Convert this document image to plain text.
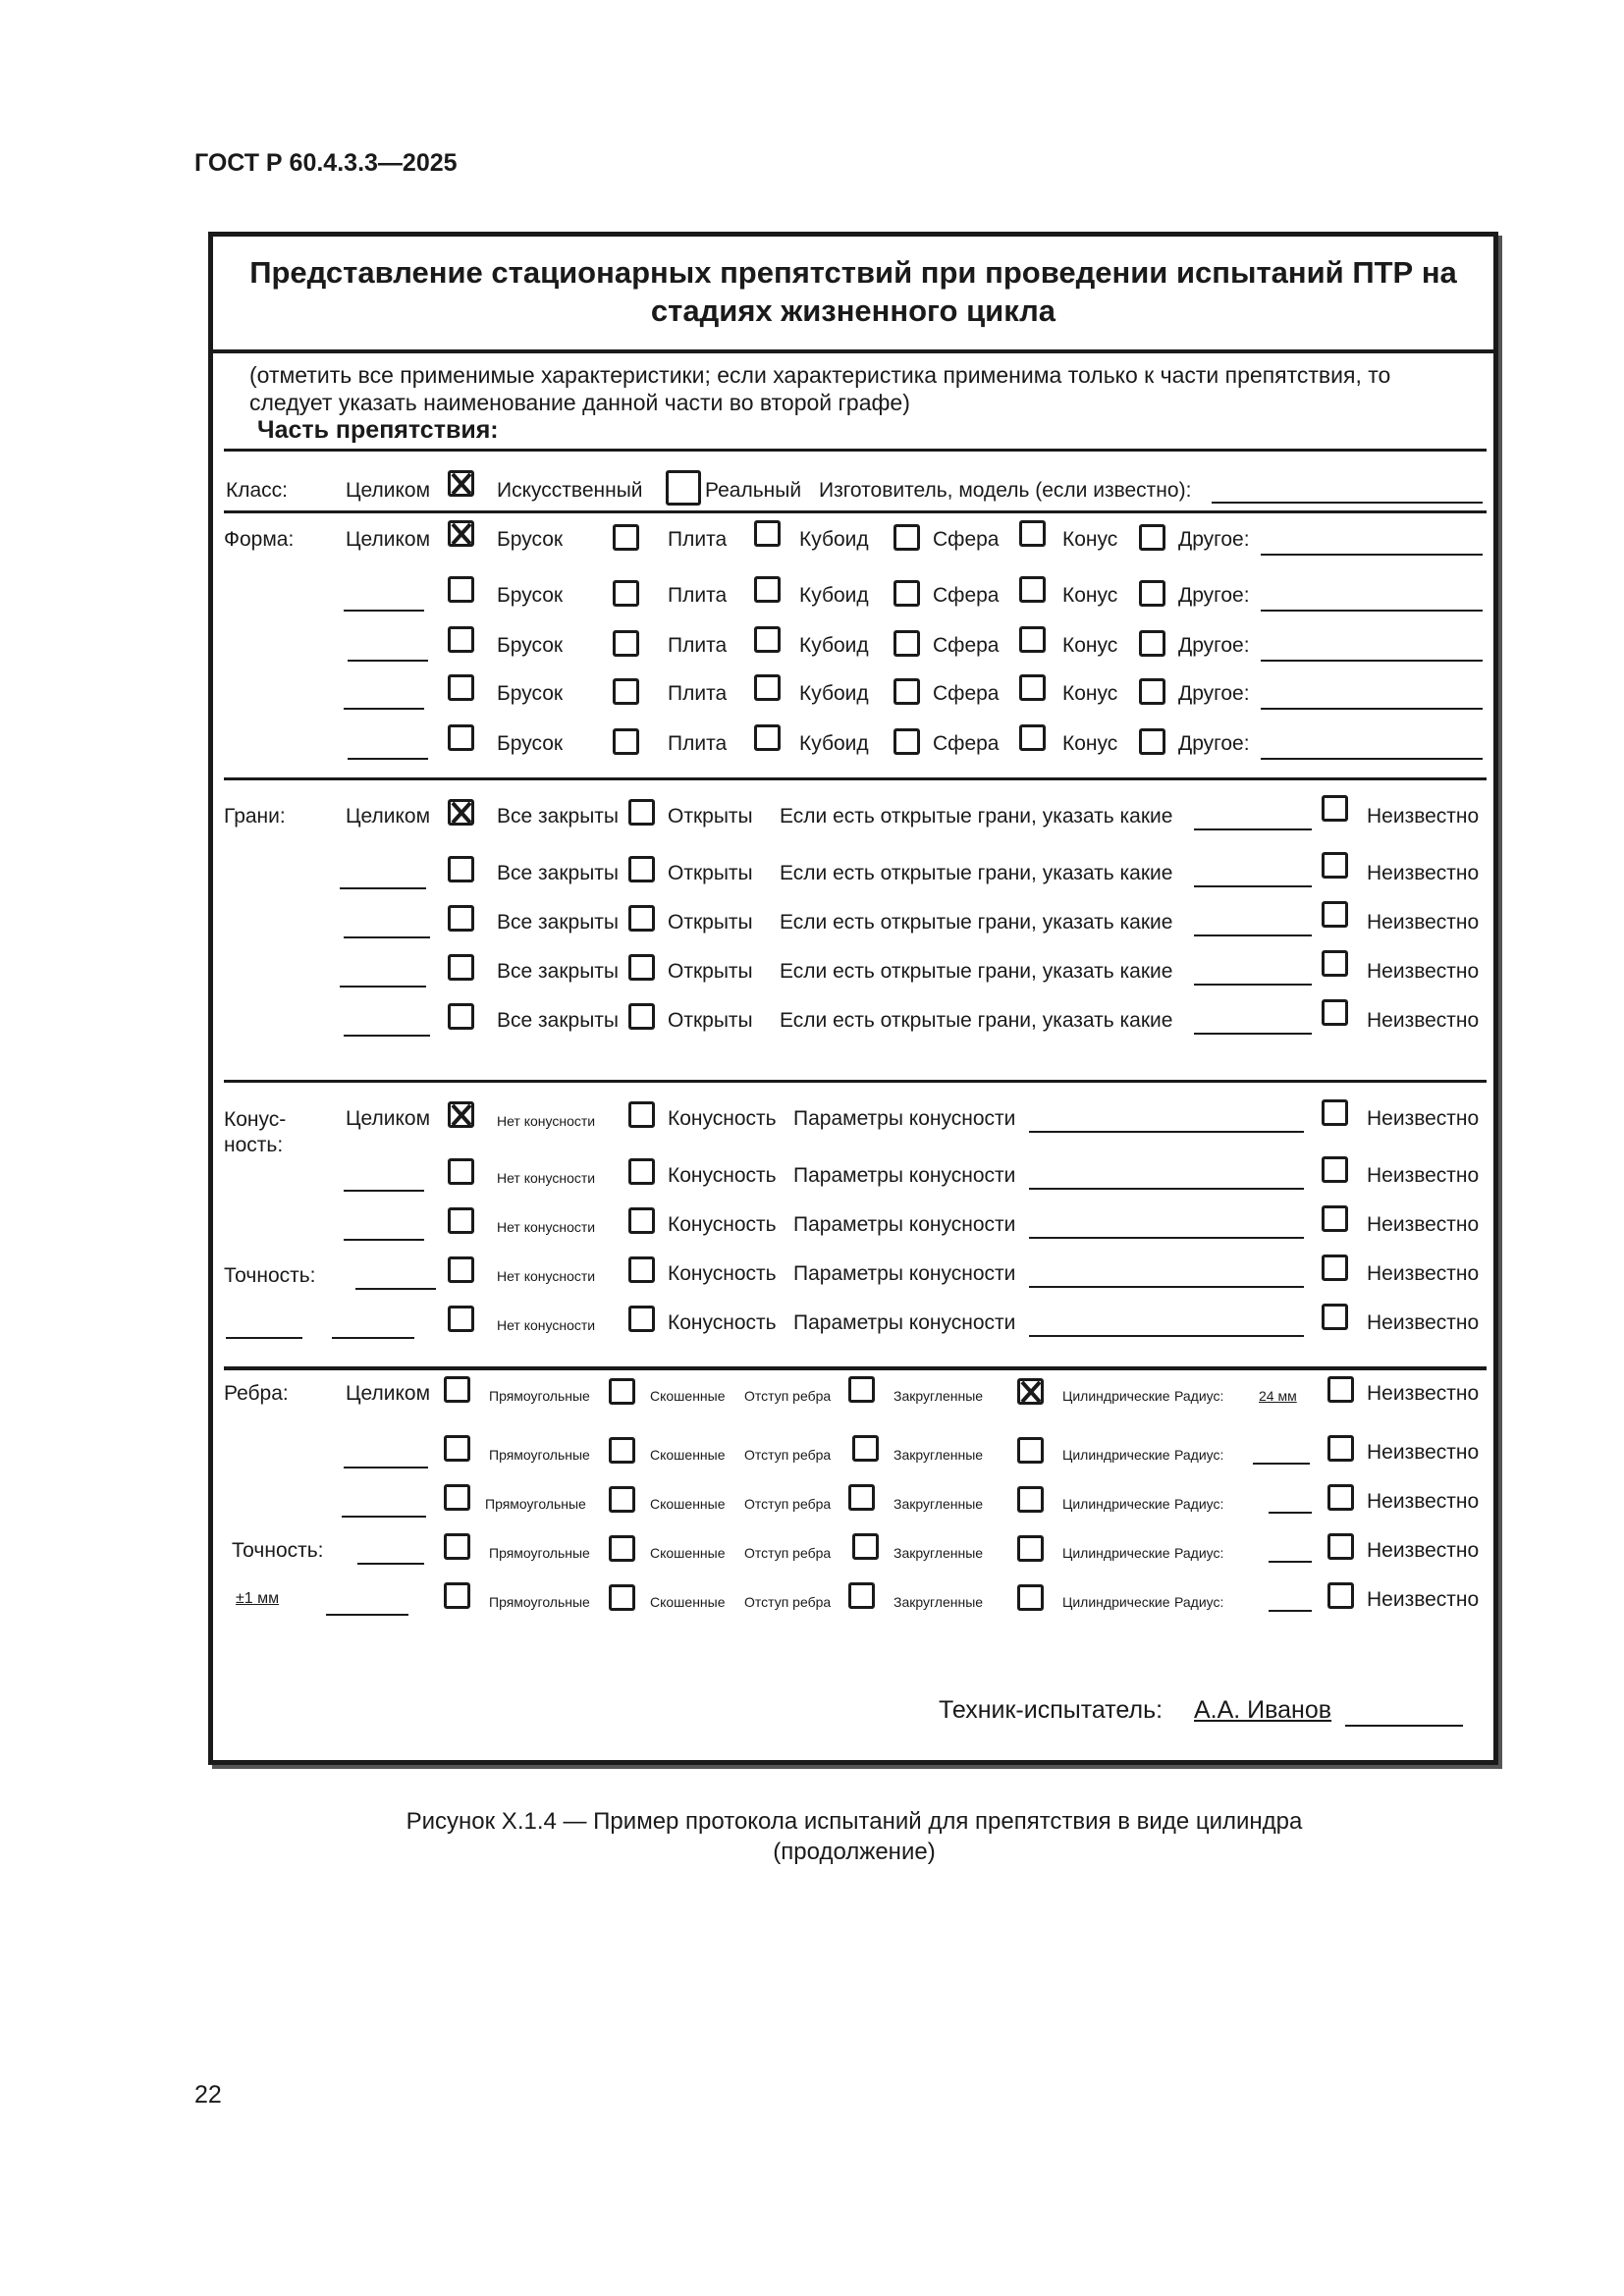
ГОСТ Р 60.4.3.3—2025
Представление стационарных препятствий при проведении испытаний ПТР на стадиях жизненного цикла
(отметить все применимые характеристики; если характеристика применима только к части препятствия, то следует указать наименование данной части во второй графе)
Часть препятствия:
Класс:	Целиком	Искусственный	Реальный Изготовитель, модель (если известно):
Форма:	Целиком	Брусок	Плита	Кубоид	Сфера	Конус	Другое:
Брусок	Плита	Кубоид	Сфера	Конус	Другое:
Брусок	Плита	Кубоид	Сфера	Конус	Другое:
Брусок	Плита	Кубоид	Сфера	Конус	Другое:
Брусок	Плита	Кубоид	Сфера	Конус	Другое:
Грани:	Целиком	Все закрыты Открыты Если есть открытые грани, указать какие	Неизвестно
Все закрыты Открыты Если есть открытые грани, указать какие	Неизвестно
Все закрыты Открыты Если есть открытые грани, указать какие	Неизвестно
Все закрыты Открыты Если есть открытые грани, указать какие	Неизвестно
Все закрыты Открыты Если есть открытые грани, указать какие	Неизвестно
Конус-ность:
Точность:
Целиком	Нет конусности	Конусность Параметры конусности	Неизвестно
Нет конусности	Конусность Параметры конусности	Неизвестно
Нет конусности	Конусность Параметры конусности	Неизвестно
Нет конусности	Конусность Параметры конусности	Неизвестно
Нет конусности	Конусность Параметры конусности	Неизвестно
Ребра:
Точность:
±1 мм
Целиком	Прямоугольные	Скошенные Отступ ребра	Закругленные	Цилиндрические Радиус:	24 мм	Неизвестно
Прямоугольные	Скошенные Отступ ребра	Закругленные	Цилиндрические Радиус:	Неизвестно
Прямоугольные	Скошенные Отступ ребра	Закругленные	Цилиндрические Радиус:	Неизвестно
Прямоугольные	Скошенные Отступ ребра	Закругленные	Цилиндрические Радиус:	Неизвестно
Прямоугольные	Скошенные Отступ ребра	Закругленные	Цилиндрические Радиус:	Неизвестно
Техник-испытатель: А.А. Иванов
Рисунок X.1.4 — Пример протокола испытаний для препятствия в виде цилиндра
(продолжение)
22
